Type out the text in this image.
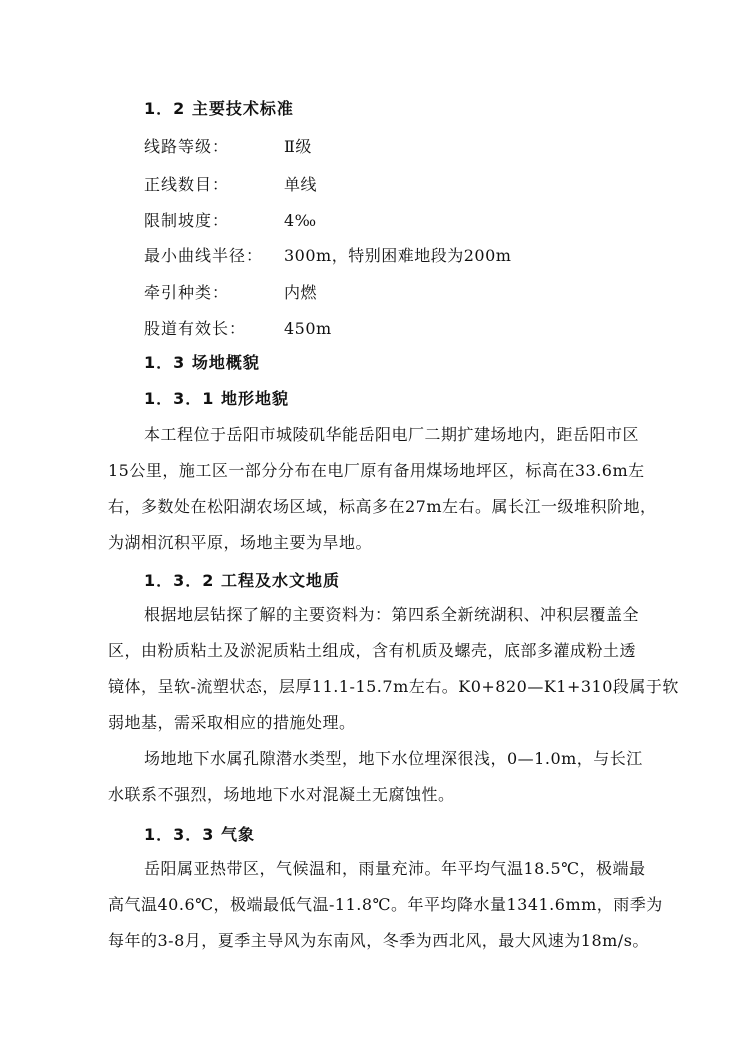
1．2 主要技术标准
线路等级：	Ⅱ级
正线数目：	单线
限制坡度：	4‰
最小曲线半径： 300m，特别困难地段为200m
牵引种类：	内燃
股道有效长： 450m
1．3 场地概貌
1．3．1 地形地貌
本工程位于岳阳市城陵矶华能岳阳电厂二期扩建场地内，距岳阳市区
15公里，施工区一部分分布在电厂原有备用煤场地坪区，标高在33.6m左
右，多数处在松阳湖农场区域，标高多在27m左右。属长江一级堆积阶地，
为湖相沉积平原，场地主要为旱地。
1．3．2 工程及水文地质
根据地层钻探了解的主要资料为：第四系全新统湖积、冲积层覆盖全
区，由粉质粘土及淤泥质粘土组成，含有机质及螺壳，底部多灌成粉土透
镜体，呈软-流塑状态，层厚11.1-15.7m左右。K0+820—K1+310段属于软
弱地基，需采取相应的措施处理。
场地地下水属孔隙潜水类型，地下水位埋深很浅，0—1.0m，与长江
水联系不强烈，场地地下水对混凝土无腐蚀性。
1．3．3 气象
岳阳属亚热带区，气候温和，雨量充沛。年平均气温18.5℃，极端最
高气温40.6℃，极端最低气温-11.8℃。年平均降水量1341.6mm，雨季为
每年的3-8月，夏季主导风为东南风，冬季为西北风，最大风速为18m/s。
